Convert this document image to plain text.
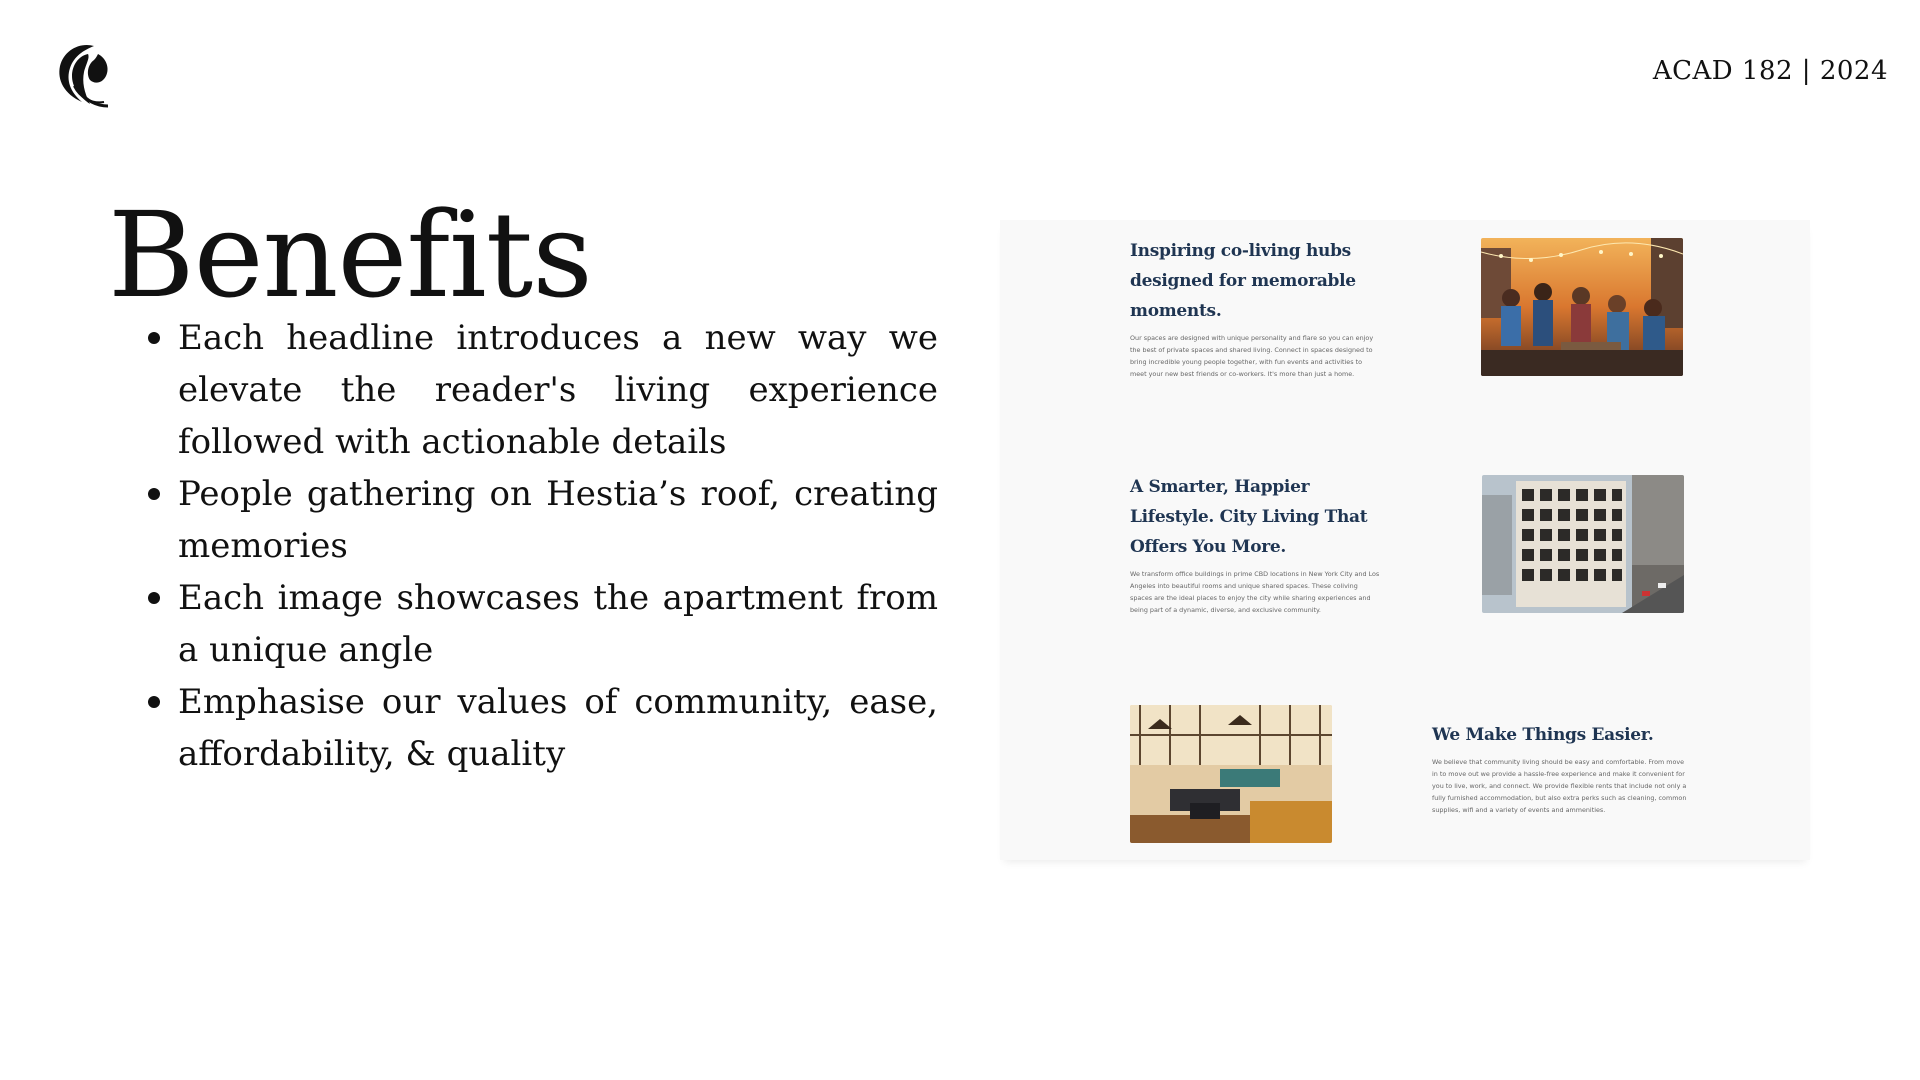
ACAD 182 | 2024
Benefits
Each headline introduces a new way we elevate the reader's living experience followed with actionable details
People gathering on Hestia’s roof, creating memories
Each image showcases the apartment from a unique angle
Emphasise our values of community, ease, affordability, & quality
Inspiring co-living hubs designed for memorable moments.

Our spaces are designed with unique personality and flare so you can enjoy the best of private spaces and shared living. Connect in spaces designed to bring incredible young people together, with fun events and activities to meet your new best friends or co-workers. It's more than just a home.

A Smarter, Happier Lifestyle. City Living That Offers You More.

We transform office buildings in prime CBD locations in New York City and Los Angeles into beautiful rooms and unique shared spaces. These coliving spaces are the ideal places to enjoy the city while sharing experiences and being part of a dynamic, diverse, and exclusive community.

We Make Things Easier.

We believe that community living should be easy and comfortable. From move in to move out we provide a hassle-free experience and make it convenient for you to live, work, and connect. We provide flexible rents that include not only a fully furnished accommodation, but also extra perks such as cleaning, common supplies, wifi and a variety of events and ammenities.
